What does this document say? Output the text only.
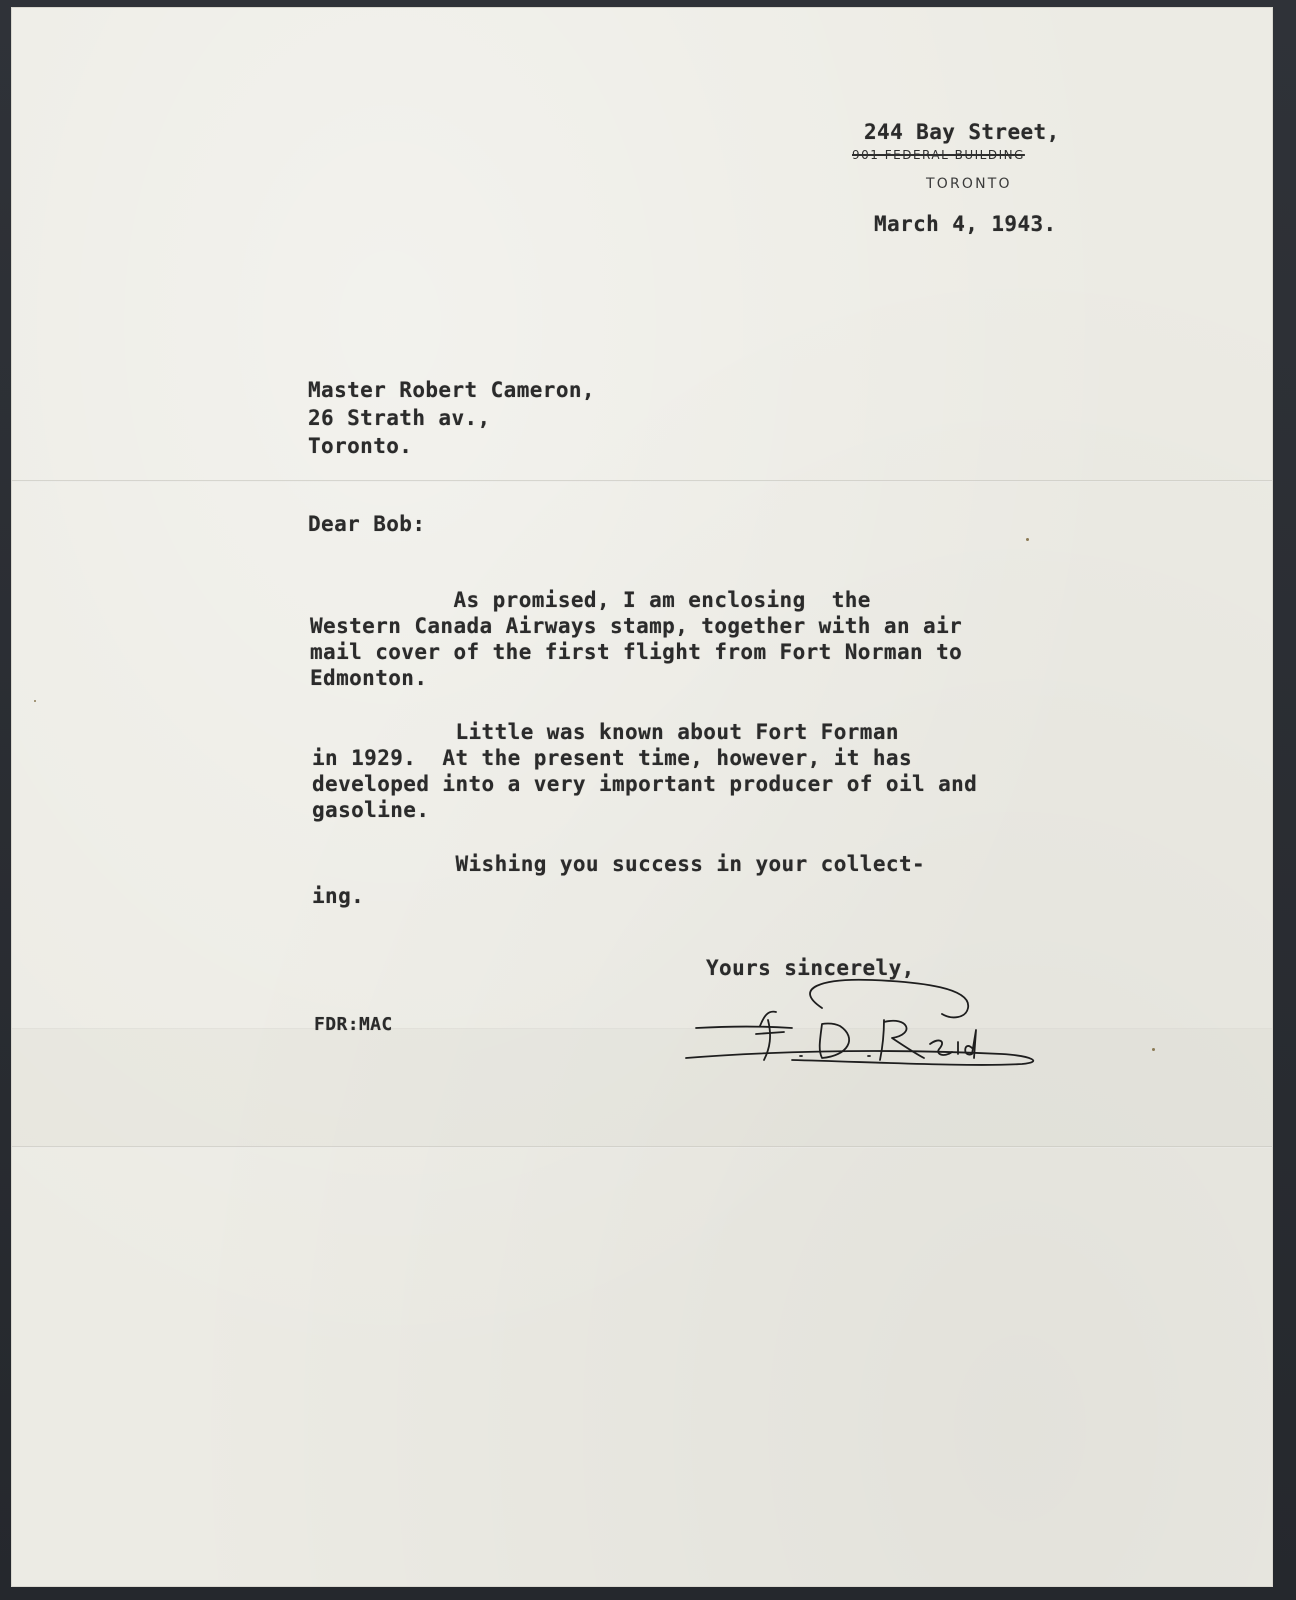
244 Bay Street,
901 FEDERAL BUILDING
TORONTO
March 4, 1943.
Master Robert Cameron,
26 Strath av.,
Toronto.
Dear Bob:
As promised, I am enclosing  the
Western Canada Airways stamp, together with an air
mail cover of the first flight from Fort Norman to
Edmonton.
Little was known about Fort Forman
in 1929.  At the present time, however, it has
developed into a very important producer of oil and
gasoline.
Wishing you success in your collect-
ing.
Yours sincerely,
FDR:MAC
